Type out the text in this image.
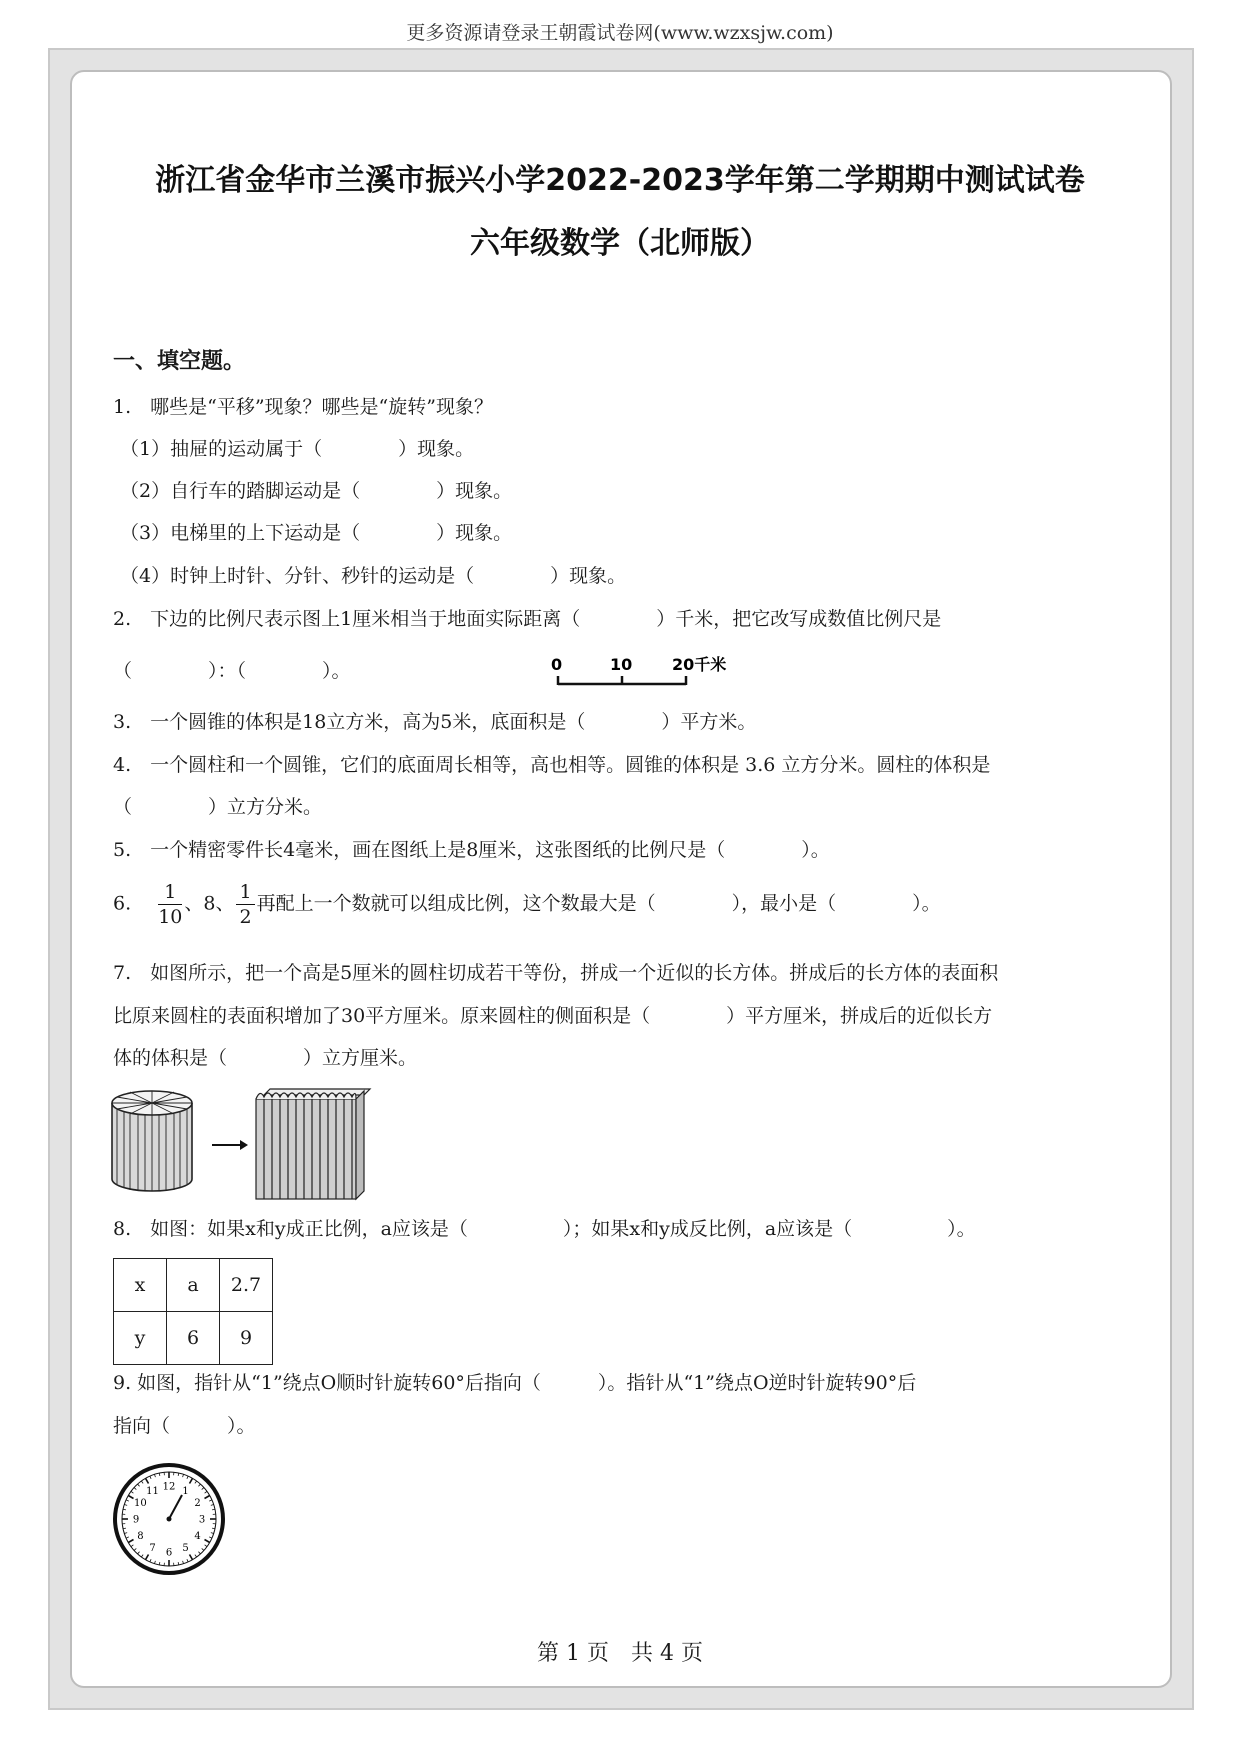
更多资源请登录王朝霞试卷网(www.wzxsjw.com)
浙江省金华市兰溪市振兴小学2022-2023学年第二学期期中测试试卷
六年级数学（北师版）
一、填空题。
1.　哪些是“平移”现象？哪些是“旋转”现象？
（1）抽屉的运动属于（　　　　）现象。
（2）自行车的踏脚运动是（　　　　）现象。
（3）电梯里的上下运动是（　　　　）现象。
（4）时钟上时针、分针、秒针的运动是（　　　　）现象。
2.　下边的比例尺表示图上1厘米相当于地面实际距离（　　　　）千米，把它改写成数值比例尺是
（　　　　）：（　　　　）。	0	10 20千米
3.　一个圆锥的体积是18立方米，高为5米，底面积是（　　　　）平方米。
4.　一个圆柱和一个圆锥，它们的底面周长相等，高也相等。圆锥的体积是 3.6 立方分米。圆柱的体积是
（　　　　）立方分米。
5.　一个精密零件长4毫米，画在图纸上是8厘米，这张图纸的比例尺是（　　　　）。
6.　 $\frac{1}{10}$ 、8、 $\frac{1}{2}$ 再配上一个数就可以组成比例，这个数最大是（　　　　），最小是（　　　　）。
7.　如图所示，把一个高是5厘米的圆柱切成若干等份，拼成一个近似的长方体。拼成后的长方体的表面积
比原来圆柱的表面积增加了30平方厘米。原来圆柱的侧面积是（　　　　）平方厘米，拼成后的近似长方
体的体积是（　　　　）立方厘米。
8.　如图：如果x和y成正比例，a应该是（　　　　　）；如果x和y成反比例，a应该是（　　　　　）。
x	a	2.7
y	6	9
9. 如图，指针从“1”绕点O顺时针旋转60°后指向（　　　）。指针从“1”绕点O逆时针旋转90°后
指向（　　　）。
12 1
2
3
4
5
6
7
8
9
10
11
第 1 页　共 4 页
